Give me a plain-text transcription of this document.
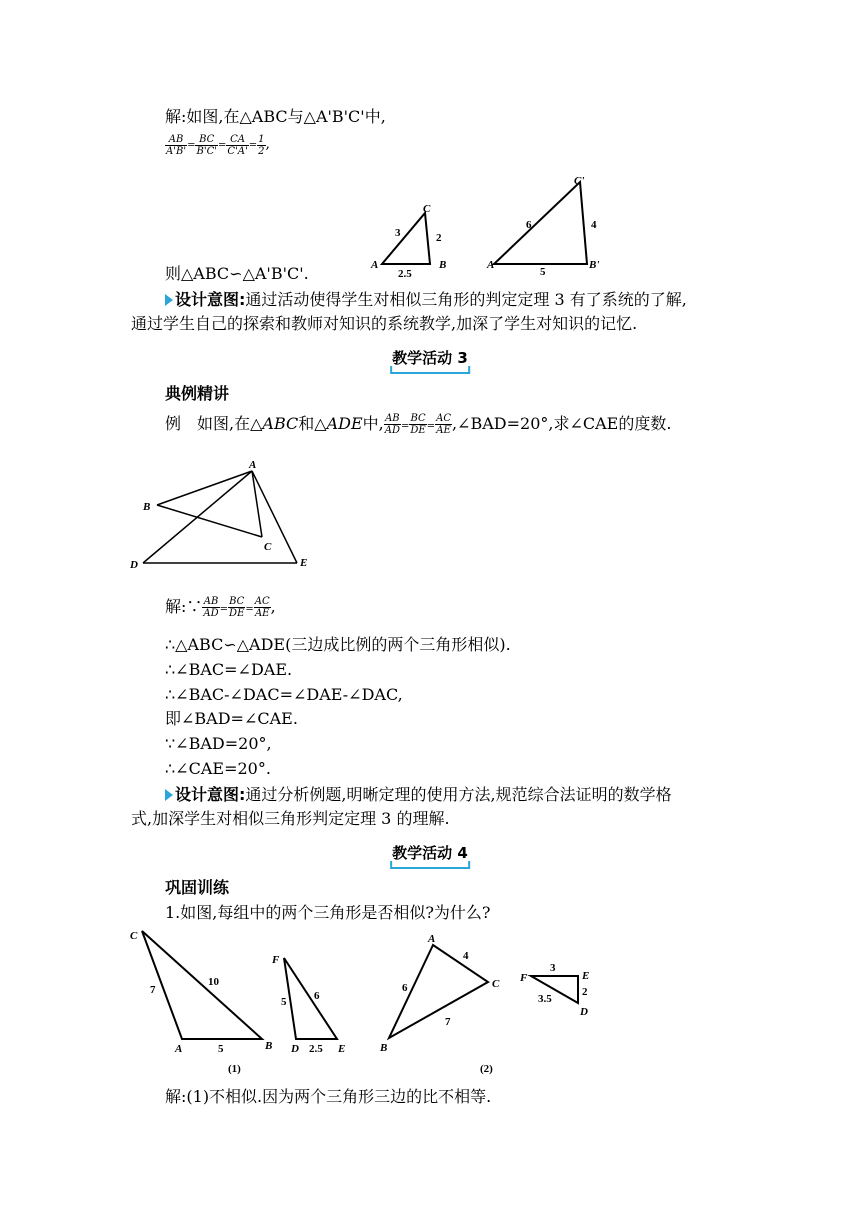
解:如图,在△ABC与△A'B'C'中,
$\frac{AB}{A'B'} = \frac{BC}{B'C'} = \frac{CA}{C'A'} = \frac{1}{2}$ ,
A	B
C
2.5
2
3
A'	B'
C'
5
4
6
则△ABC∽△A'B'C'.
设计意图:通过活动使得学生对相似三角形的判定定理 3 有了系统的了解,
通过学生自己的探索和教师对知识的系统教学,加深了学生对知识的记忆.
教学活动 3
典例精讲
例　如图,在△ABC和△ADE中, $\frac{AB}{AD} = \frac{BC}{DE} = \frac{AC}{AE}$ ,∠BAD=20°,求∠CAE的度数.
A
B
C
D	E
解:∵ $\frac{AB}{AD} = \frac{BC}{DE} = \frac{AC}{AE}$ ,
∴△ABC∽△ADE(三边成比例的两个三角形相似).
∴∠BAC=∠DAE.
∴∠BAC-∠DAC=∠DAE-∠DAC,
即∠BAD=∠CAE.
∵∠BAD=20°,
∴∠CAE=20°.
设计意图:通过分析例题,明晰定理的使用方法,规范综合法证明的数学格
式,加深学生对相似三角形判定定理 3 的理解.
教学活动 4
巩固训练
1.如图,每组中的两个三角形是否相似?为什么?
C
A	B
7
10
5
F
D	E
5	6
2.5
(1)
A
B
C
6
4
7
F	E
D
3
2
3.5
(2)
解:(1)不相似.因为两个三角形三边的比不相等.
